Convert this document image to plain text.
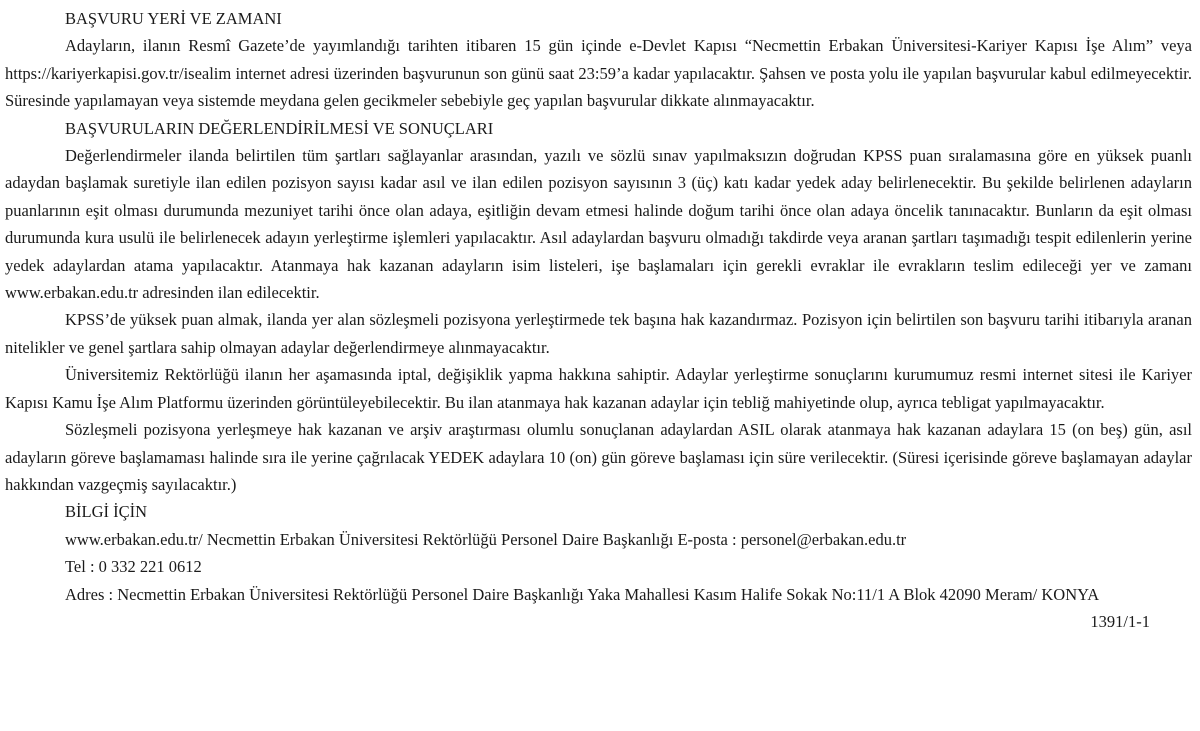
BAŞVURU YERİ VE ZAMANI

Adayların, ilanın Resmî Gazete’de yayımlandığı tarihten itibaren 15 gün içinde e-Devlet Kapısı “Necmettin Erbakan Üniversitesi-Kariyer Kapısı İşe Alım” veya https://kariyerkapisi.gov.tr/isealim internet adresi üzerinden başvurunun son günü saat 23:59’a kadar yapılacaktır. Şahsen ve posta yolu ile yapılan başvurular kabul edilmeyecektir. Süresinde yapılamayan veya sistemde meydana gelen gecikmeler sebebiyle geç yapılan başvurular dikkate alınmayacaktır.

BAŞVURULARIN DEĞERLENDİRİLMESİ VE SONUÇLARI

Değerlendirmeler ilanda belirtilen tüm şartları sağlayanlar arasından, yazılı ve sözlü sınav yapılmaksızın doğrudan KPSS puan sıralamasına göre en yüksek puanlı adaydan başlamak suretiyle ilan edilen pozisyon sayısı kadar asıl ve ilan edilen pozisyon sayısının 3 (üç) katı kadar yedek aday belirlenecektir. Bu şekilde belirlenen adayların puanlarının eşit olması durumunda mezuniyet tarihi önce olan adaya, eşitliğin devam etmesi halinde doğum tarihi önce olan adaya öncelik tanınacaktır. Bunların da eşit olması durumunda kura usulü ile belirlenecek adayın yerleştirme işlemleri yapılacaktır. Asıl adaylardan başvuru olmadığı takdirde veya aranan şartları taşımadığı tespit edilenlerin yerine yedek adaylardan atama yapılacaktır. Atanmaya hak kazanan adayların isim listeleri, işe başlamaları için gerekli evraklar ile evrakların teslim edileceği yer ve zamanı www.erbakan.edu.tr adresinden ilan edilecektir.

KPSS’de yüksek puan almak, ilanda yer alan sözleşmeli pozisyona yerleştirmede tek başına hak kazandırmaz. Pozisyon için belirtilen son başvuru tarihi itibarıyla aranan nitelikler ve genel şartlara sahip olmayan adaylar değerlendirmeye alınmayacaktır.

Üniversitemiz Rektörlüğü ilanın her aşamasında iptal, değişiklik yapma hakkına sahiptir. Adaylar yerleştirme sonuçlarını kurumumuz resmi internet sitesi ile Kariyer Kapısı Kamu İşe Alım Platformu üzerinden görüntüleyebilecektir. Bu ilan atanmaya hak kazanan adaylar için tebliğ mahiyetinde olup, ayrıca tebligat yapılmayacaktır.

Sözleşmeli pozisyona yerleşmeye hak kazanan ve arşiv araştırması olumlu sonuçlanan adaylardan ASIL olarak atanmaya hak kazanan adaylara 15 (on beş) gün, asıl adayların göreve başlamaması halinde sıra ile yerine çağrılacak YEDEK adaylara 10 (on) gün göreve başlaması için süre verilecektir. (Süresi içerisinde göreve başlamayan adaylar hakkından vazgeçmiş sayılacaktır.)

BİLGİ İÇİN

www.erbakan.edu.tr/ Necmettin Erbakan Üniversitesi Rektörlüğü Personel Daire Başkanlığı E-posta : personel@erbakan.edu.tr

Tel : 0 332 221 0612

Adres : Necmettin Erbakan Üniversitesi Rektörlüğü Personel Daire Başkanlığı Yaka Mahallesi Kasım Halife Sokak No:11/1 A Blok 42090 Meram/ KONYA

1391/1-1
